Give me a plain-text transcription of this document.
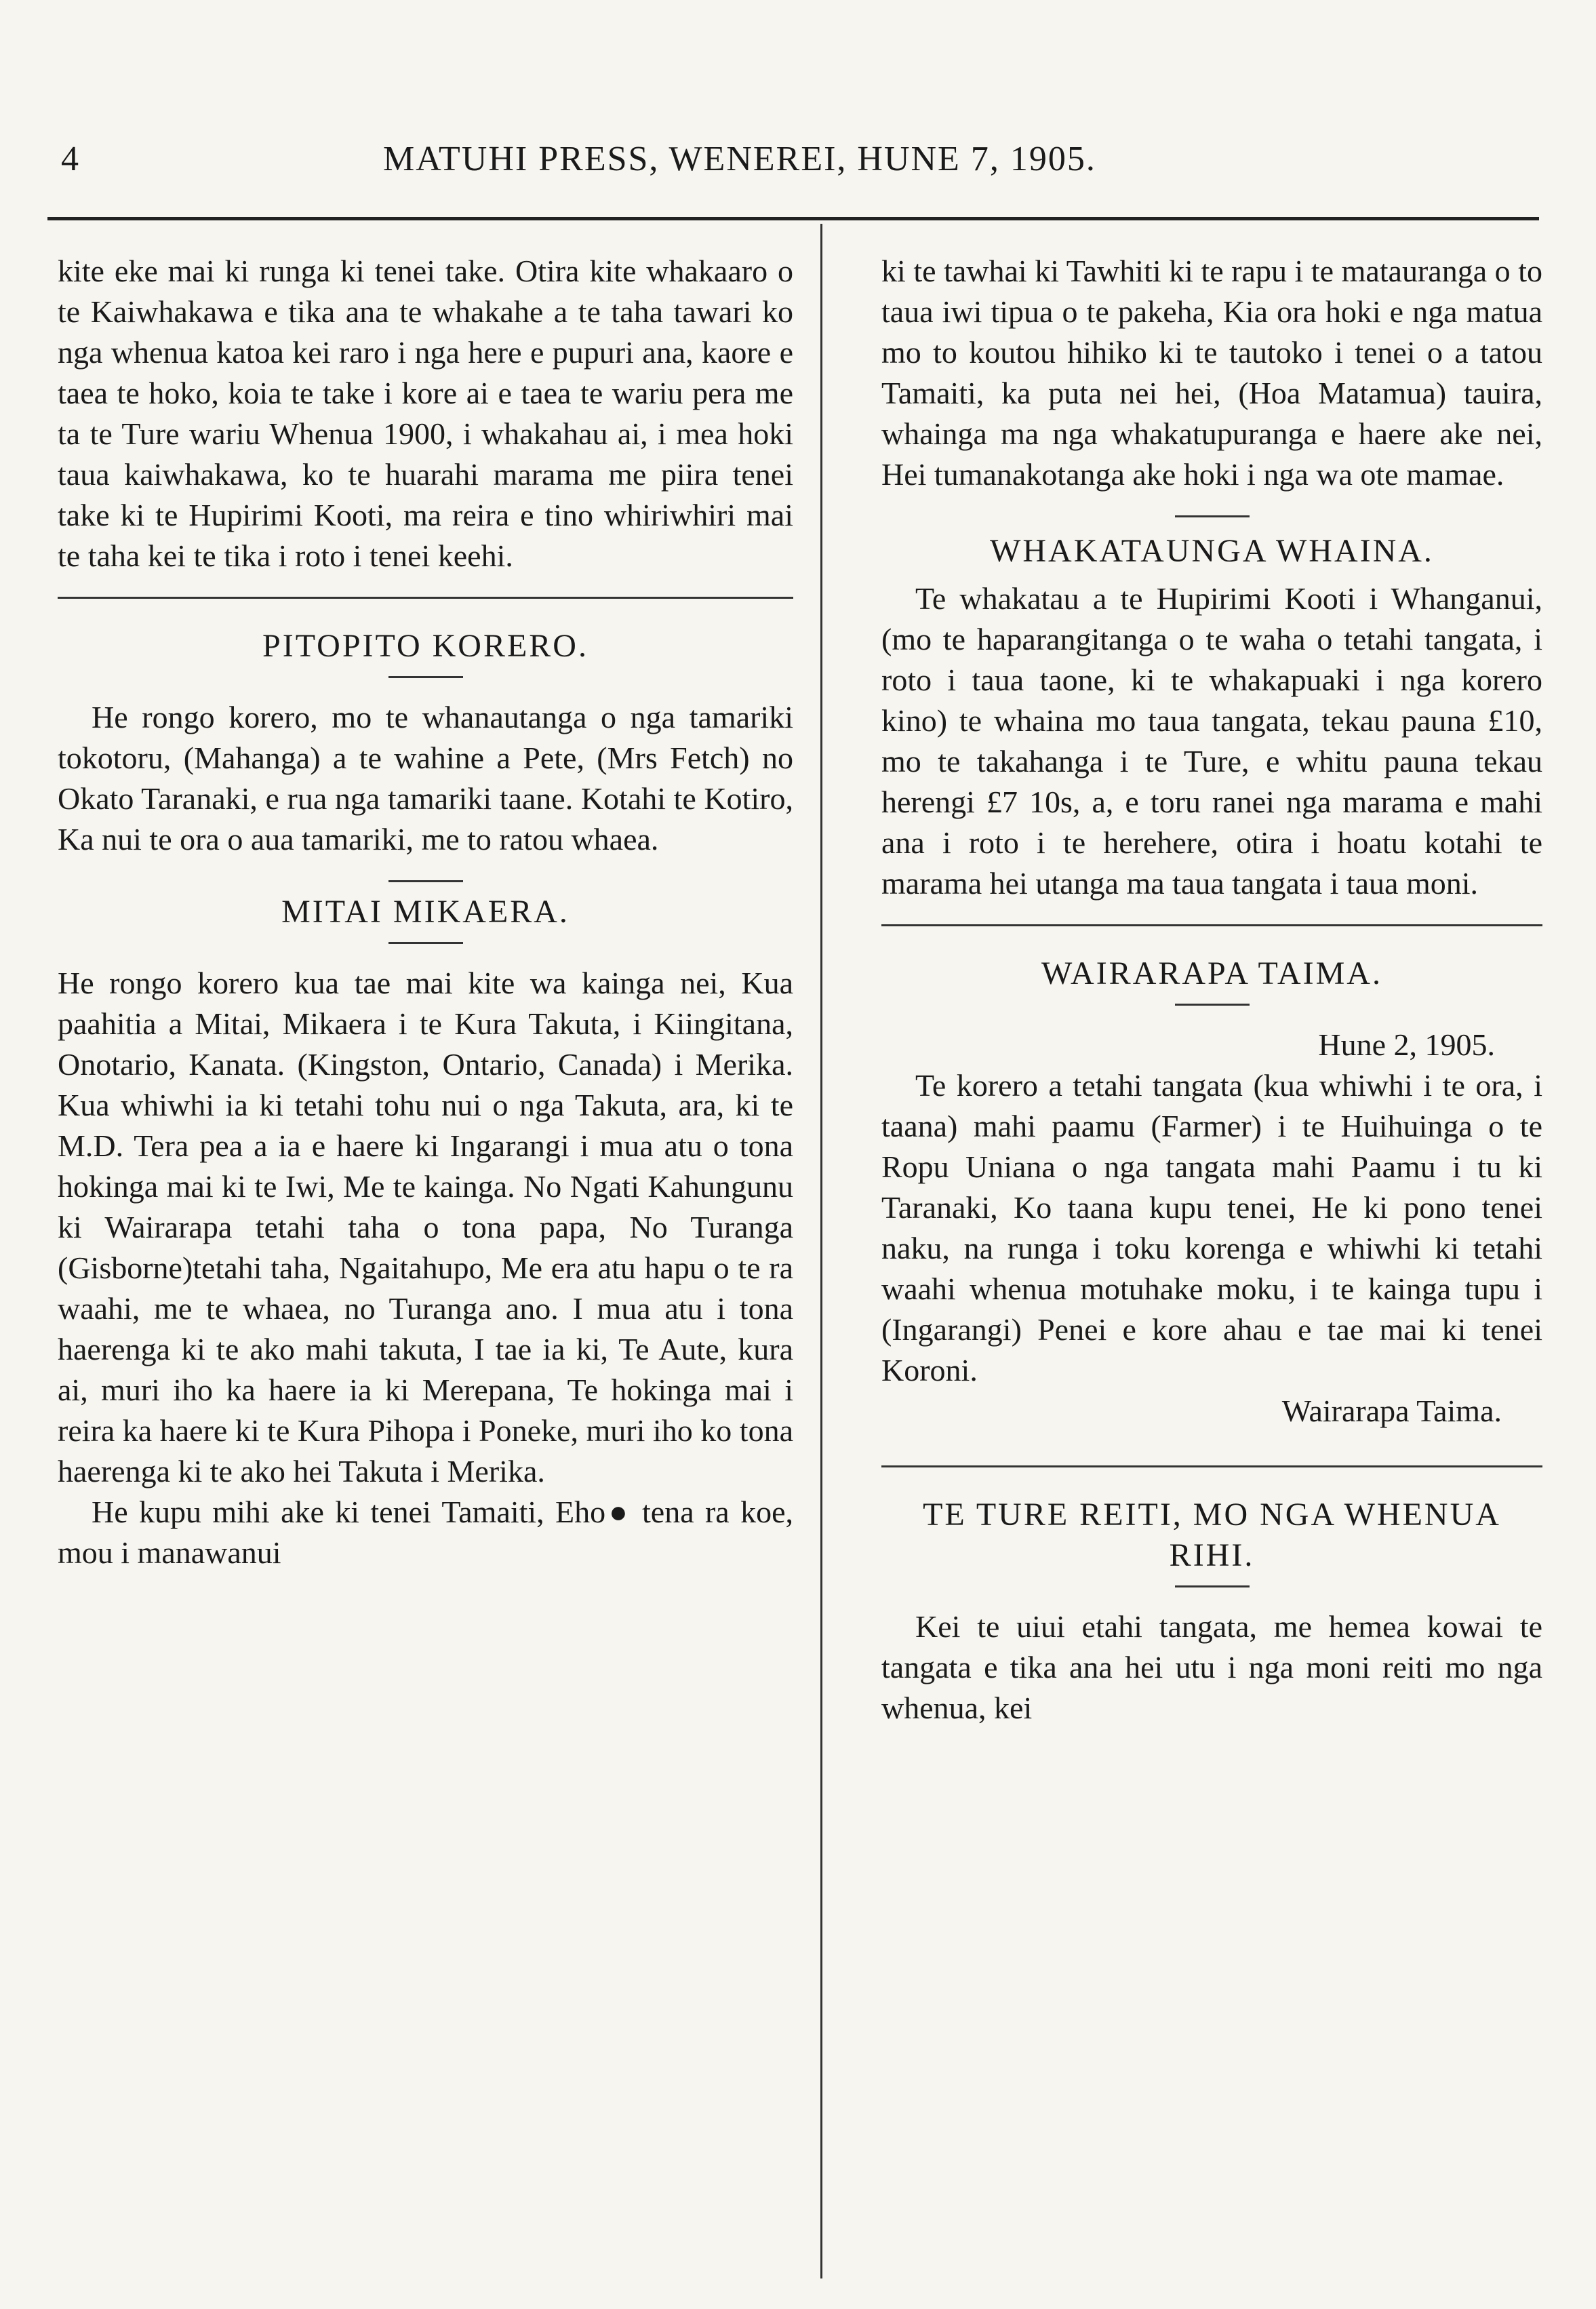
4	MATUHI PRESS, WENEREI, HUNE 7, 1905.

kite eke mai ki runga ki tenei take. Otira kite whakaaro o te Kaiwhakawa e tika ana te whakahe a te taha tawari ko nga whenua katoa kei raro i nga here e pupuri ana, kaore e taea te hoko, koia te take i kore ai e taea te wariu pera me ta te Ture wariu Whenua 1900, i whakahau ai, i mea hoki taua kaiwhakawa, ko te huarahi marama me piira tenei take ki te Hupirimi Kooti, ma reira e tino whiriwhiri mai te taha kei te tika i roto i tenei keehi.

PITOPITO KORERO.

He rongo korero, mo te whanautanga o nga tamariki tokotoru, (Mahanga) a te wahine a Pete, (Mrs Fetch) no Okato Taranaki, e rua nga tamariki taane. Kotahi te Kotiro, Ka nui te ora o aua tamariki, me to ratou whaea.

MITAI MIKAERA.

He rongo korero kua tae mai kite wa kainga nei, Kua paahitia a Mitai, Mikaera i te Kura Takuta, i Kiingitana, Onotario, Kanata. (Kingston, Ontario, Canada) i Merika. Kua whiwhi ia ki tetahi tohu nui o nga Takuta, ara, ki te M.D. Tera pea a ia e haere ki Ingarangi i mua atu o tona hokinga mai ki te Iwi, Me te kainga. No Ngati Kahungunu ki Wairarapa tetahi taha o tona papa, No Turanga (Gisborne)tetahi taha, Ngaitahupo, Me era atu hapu o te ra waahi, me te whaea, no Turanga ano. I mua atu i tona haerenga ki te ako mahi takuta, I tae ia ki, Te Aute, kura ai, muri iho ka haere ia ki Merepana, Te hokinga mai i reira ka haere ki te Kura Pihopa i Poneke, muri iho ko tona haerenga ki te ako hei Takuta i Merika.

He kupu mihi ake ki tenei Tamaiti, Eho● tena ra koe, mou i manawanui

ki te tawhai ki Tawhiti ki te rapu i te matauranga o to taua iwi tipua o te pakeha, Kia ora hoki e nga matua mo to koutou hihiko ki te tautoko i tenei o a tatou Tamaiti, ka puta nei hei, (Hoa Matamua) tauira, whainga ma nga whakatupuranga e haere ake nei, Hei tumanakotanga ake hoki i nga wa ote mamae.

WHAKATAUNGA WHAINA.

Te whakatau a te Hupirimi Kooti i Whanganui, (mo te haparangitanga o te waha o tetahi tangata, i roto i taua taone, ki te whakapuaki i nga korero kino) te whaina mo taua tangata, tekau pauna £10, mo te takahanga i te Ture, e whitu pauna tekau herengi £7 10s, a, e toru ranei nga marama e mahi ana i roto i te herehere, otira i hoatu kotahi te marama hei utanga ma taua tangata i taua moni.

WAIRARAPA TAIMA.

Hune 2, 1905.

Te korero a tetahi tangata (kua whiwhi i te ora, i taana) mahi paamu (Farmer) i te Huihuinga o te Ropu Uniana o nga tangata mahi Paamu i tu ki Taranaki, Ko taana kupu tenei, He ki pono tenei naku, na runga i toku korenga e whiwhi ki tetahi waahi whenua motuhake moku, i te kainga tupu i (Ingarangi) Penei e kore ahau e tae mai ki tenei Koroni.

Wairarapa Taima.

TE TURE REITI, MO NGA WHENUA RIHI.

Kei te uiui etahi tangata, me hemea kowai te tangata e tika ana hei utu i nga moni reiti mo nga whenua, kei
